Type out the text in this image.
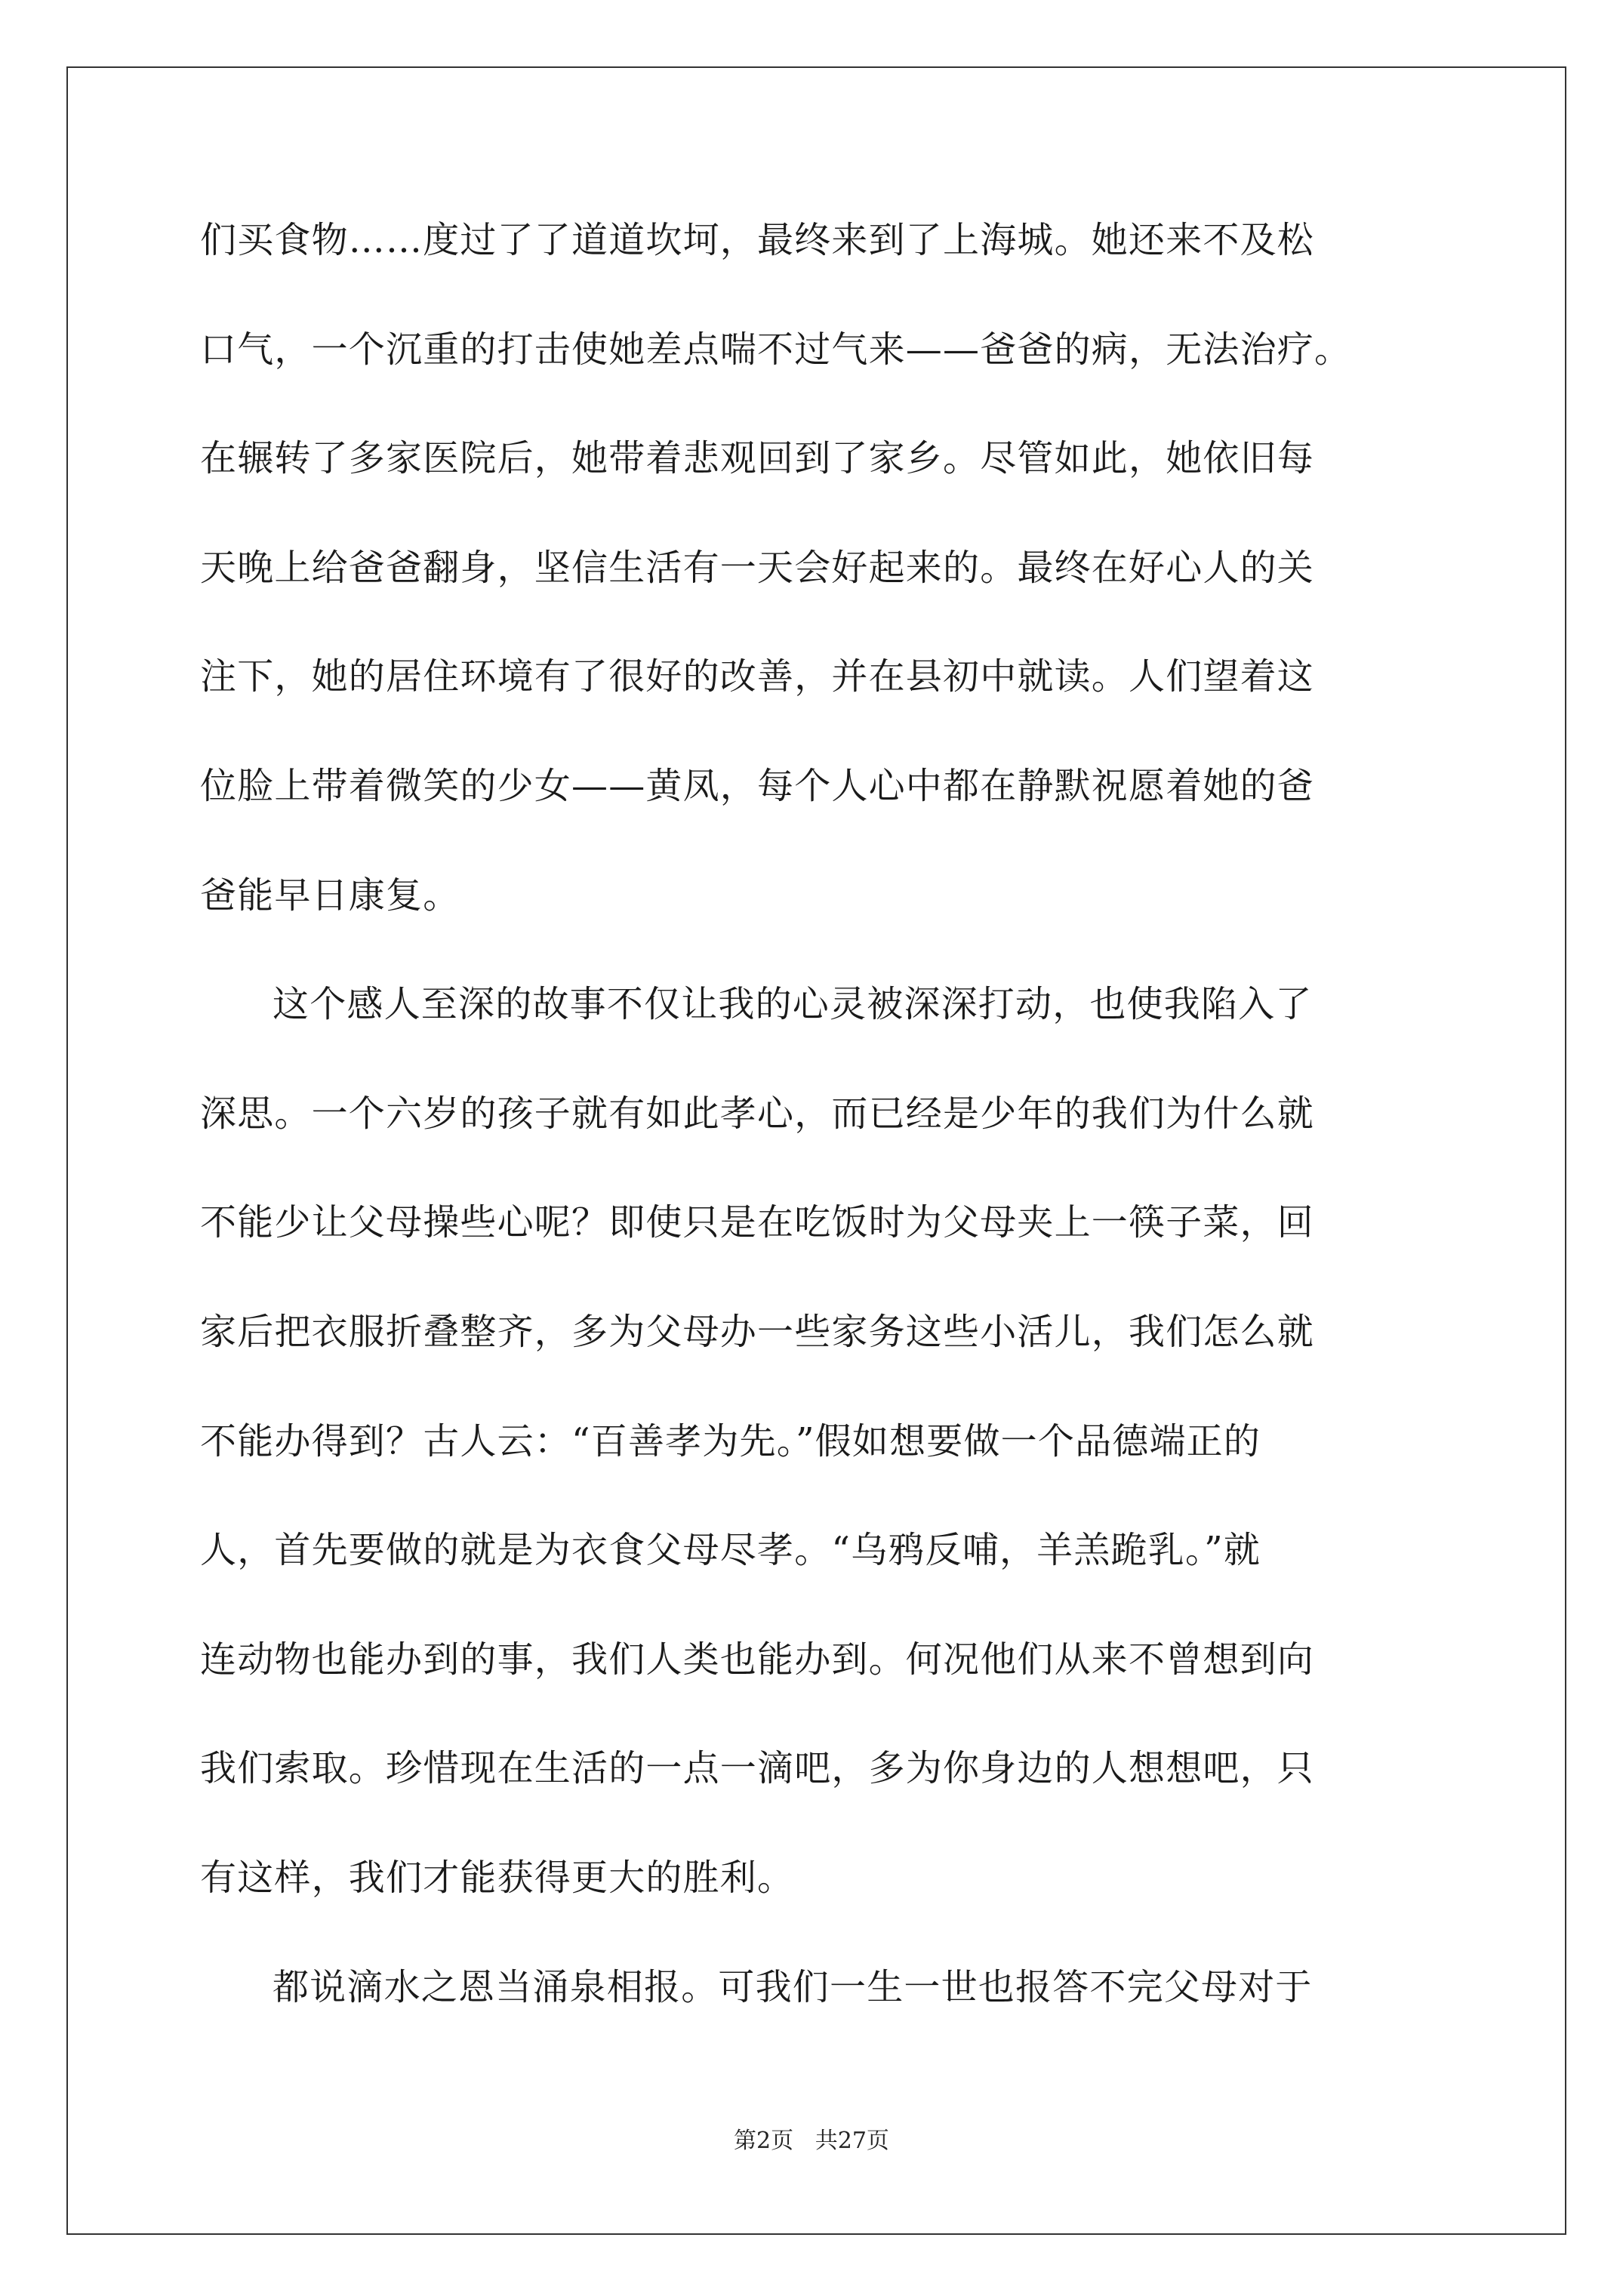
们买食物……度过了了道道坎坷，最终来到了上海城。她还来不及松
口气，一个沉重的打击使她差点喘不过气来——爸爸的病，无法治疗。
在辗转了多家医院后，她带着悲观回到了家乡。尽管如此，她依旧每
天晚上给爸爸翻身，坚信生活有一天会好起来的。最终在好心人的关
注下，她的居住环境有了很好的改善，并在县初中就读。人们望着这
位脸上带着微笑的少女——黄凤，每个人心中都在静默祝愿着她的爸
爸能早日康复。
这个感人至深的故事不仅让我的心灵被深深打动，也使我陷入了
深思。一个六岁的孩子就有如此孝心，而已经是少年的我们为什么就
不能少让父母操些心呢？即使只是在吃饭时为父母夹上一筷子菜，回
家后把衣服折叠整齐，多为父母办一些家务这些小活儿，我们怎么就
不能办得到？古人云：“百善孝为先。”假如想要做一个品德端正的
人，首先要做的就是为衣食父母尽孝。“乌鸦反哺，羊羔跪乳。”就
连动物也能办到的事，我们人类也能办到。何况他们从来不曾想到向
我们索取。珍惜现在生活的一点一滴吧，多为你身边的人想想吧，只
有这样，我们才能获得更大的胜利。
都说滴水之恩当涌泉相报。可我们一生一世也报答不完父母对于
第2页 共27页
